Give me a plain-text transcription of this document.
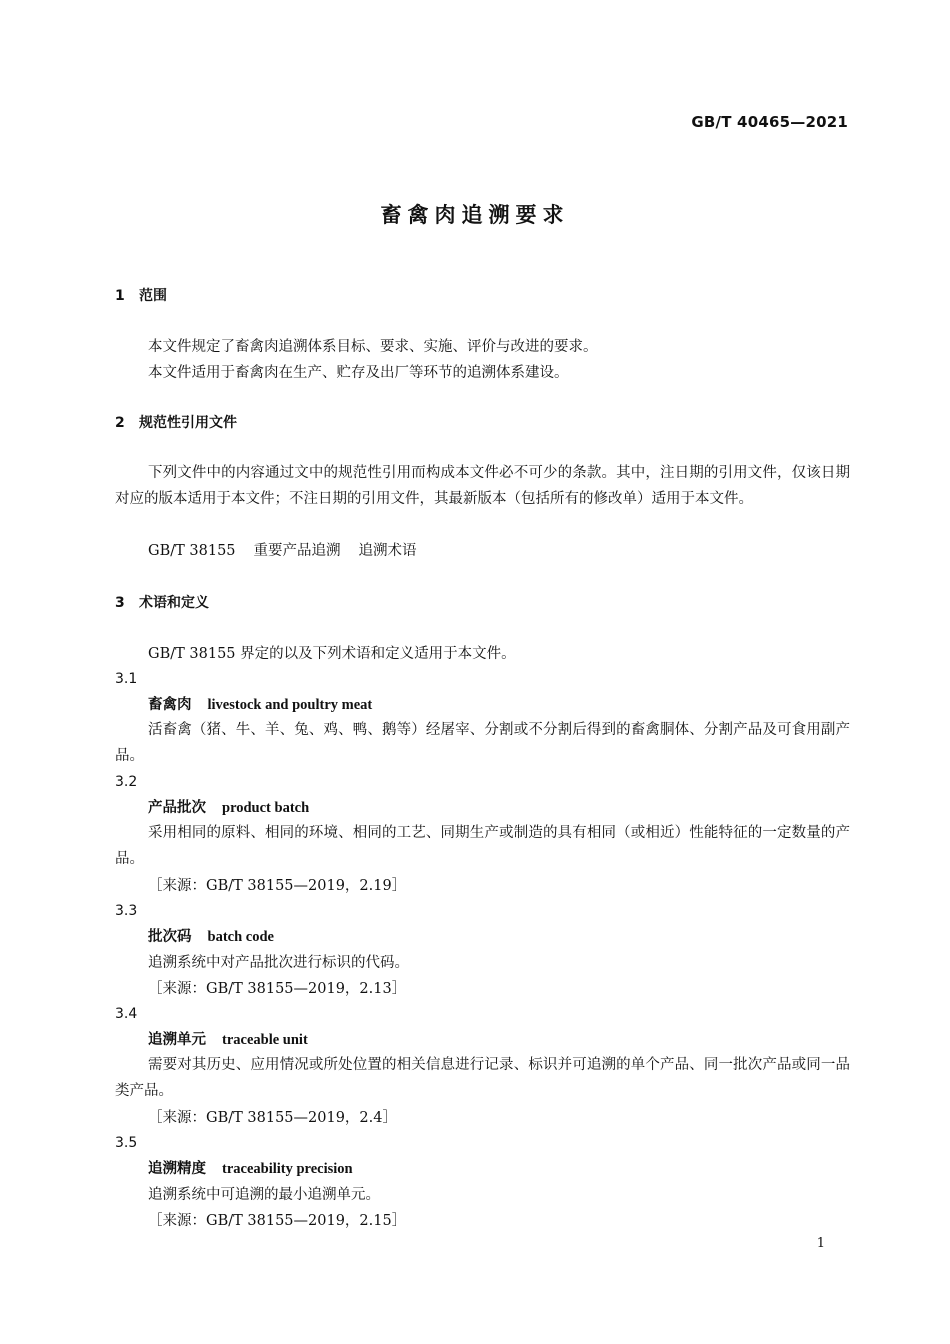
GB/T 40465—2021
畜禽肉追溯要求
1 范围
本文件规定了畜禽肉追溯体系目标、要求、实施、评价与改进的要求。
本文件适用于畜禽肉在生产、贮存及出厂等环节的追溯体系建设。
2 规范性引用文件
下列文件中的内容通过文中的规范性引用而构成本文件必不可少的条款。其中，注日期的引用文件，仅该日期对应的版本适用于本文件；不注日期的引用文件，其最新版本（包括所有的修改单）适用于本文件。
GB/T 38155 重要产品追溯 追溯术语
3 术语和定义
GB/T 38155 界定的以及下列术语和定义适用于本文件。
3.1
畜禽肉 livestock and poultry meat
活畜禽（猪、牛、羊、兔、鸡、鸭、鹅等）经屠宰、分割或不分割后得到的畜禽胴体、分割产品及可食用副产品。
3.2
产品批次 product batch
采用相同的原料、相同的环境、相同的工艺、同期生产或制造的具有相同（或相近）性能特征的一定数量的产品。
［来源：GB/T 38155—2019，2.19］
3.3
批次码 batch code
追溯系统中对产品批次进行标识的代码。
［来源：GB/T 38155—2019，2.13］
3.4
追溯单元 traceable unit
需要对其历史、应用情况或所处位置的相关信息进行记录、标识并可追溯的单个产品、同一批次产品或同一品类产品。
［来源：GB/T 38155—2019，2.4］
3.5
追溯精度 traceability precision
追溯系统中可追溯的最小追溯单元。
［来源：GB/T 38155—2019，2.15］
1
